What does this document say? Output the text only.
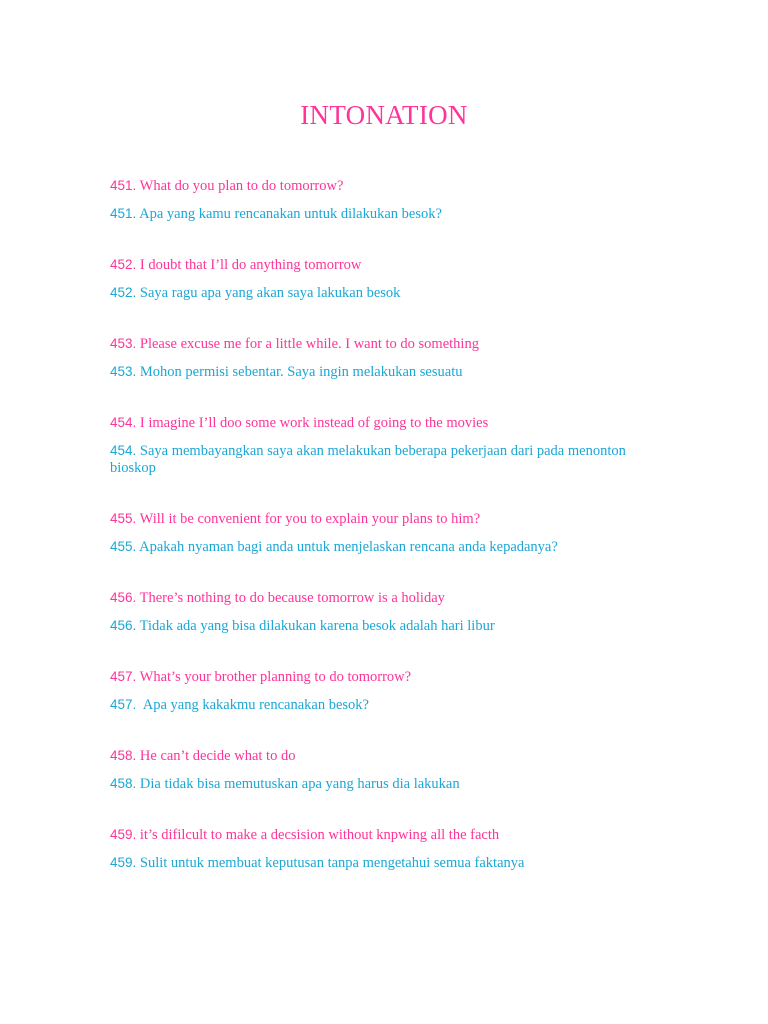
INTONATION
451. What do you plan to do tomorrow?
451. Apa yang kamu rencanakan untuk dilakukan besok?
452. I doubt that I’ll do anything tomorrow
452. Saya ragu apa yang akan saya lakukan besok
453. Please excuse me for a little while. I want to do something
453. Mohon permisi sebentar. Saya ingin melakukan sesuatu
454. I imagine I’ll doo some work instead of going to the movies
454. Saya membayangkan saya akan melakukan beberapa pekerjaan dari pada menonton bioskop
455. Will it be convenient for you to explain your plans to him?
455. Apakah nyaman bagi anda untuk menjelaskan rencana anda kepadanya?
456. There’s nothing to do because tomorrow is a holiday
456. Tidak ada yang bisa dilakukan karena besok adalah hari libur
457. What’s your brother planning to do tomorrow?
457.  Apa yang kakakmu rencanakan besok?
458. He can’t decide what to do
458. Dia tidak bisa memutuskan apa yang harus dia lakukan
459. it’s difilcult to make a decsision without knpwing all the facth
459. Sulit untuk membuat keputusan tanpa mengetahui semua faktanya
